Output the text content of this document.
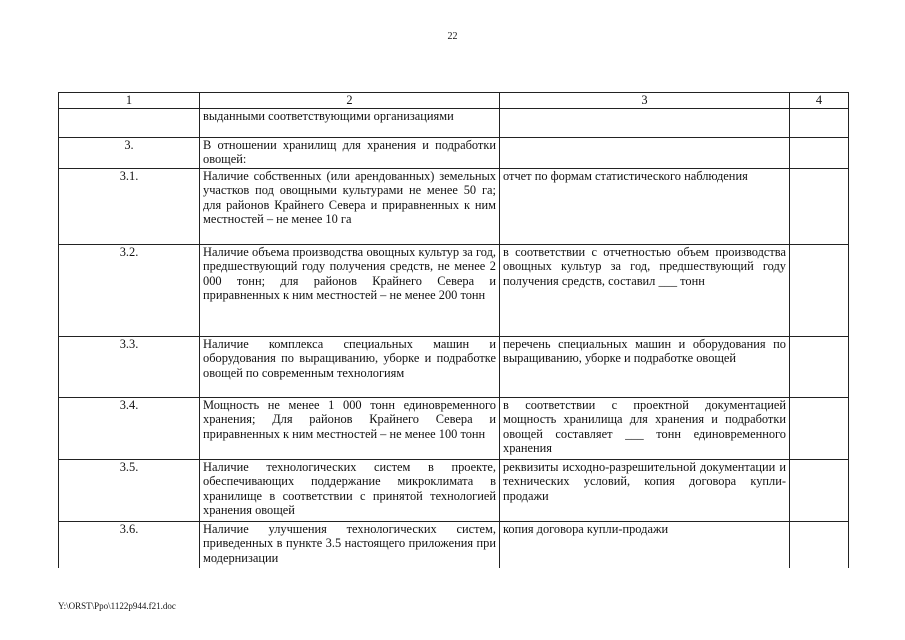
22
1	2	3	4
	выданными соответствующими организациями		
3.	В отношении хранилищ для хранения и подработки овощей:		
3.1.	Наличие собственных (или арендованных) земельных участков под овощными культурами не менее 50 га; для районов Крайнего Севера и приравненных к ним местностей – не менее 10 га	отчет по формам статистического наблюдения	
3.2.	Наличие объема производства овощных культур за год, предшествующий году получения средств, не менее 2 000 тонн; для районов Крайнего Севера и приравненных к ним местностей – не менее 200 тонн	в соответствии с отчетностью объем производства овощных культур за год, предшествующий году получения средств, составил ___ тонн	
3.3.	Наличие комплекса специальных машин и оборудования по выращиванию, уборке и подработке овощей по современным технологиям	перечень специальных машин и оборудования по выращиванию, уборке и подработке овощей	
3.4.	Мощность не менее 1 000 тонн единовременного хранения; Для районов Крайнего Севера и приравненных к ним местностей – не менее 100 тонн	в соответствии с проектной документацией мощность хранилища для хранения и подработки овощей составляет ___ тонн единовременного хранения	
3.5.	Наличие технологических систем в проекте, обеспечивающих поддержание микроклимата в хранилище в соответствии с принятой технологией хранения овощей	реквизиты исходно-разрешительной документации и технических условий, копия договора купли-продажи	
3.6.	Наличие улучшения технологических систем, приведенных в пункте 3.5 настоящего приложения при модернизации	копия договора купли-продажи	
Y:\ORST\Ppo\1122p944.f21.doc
